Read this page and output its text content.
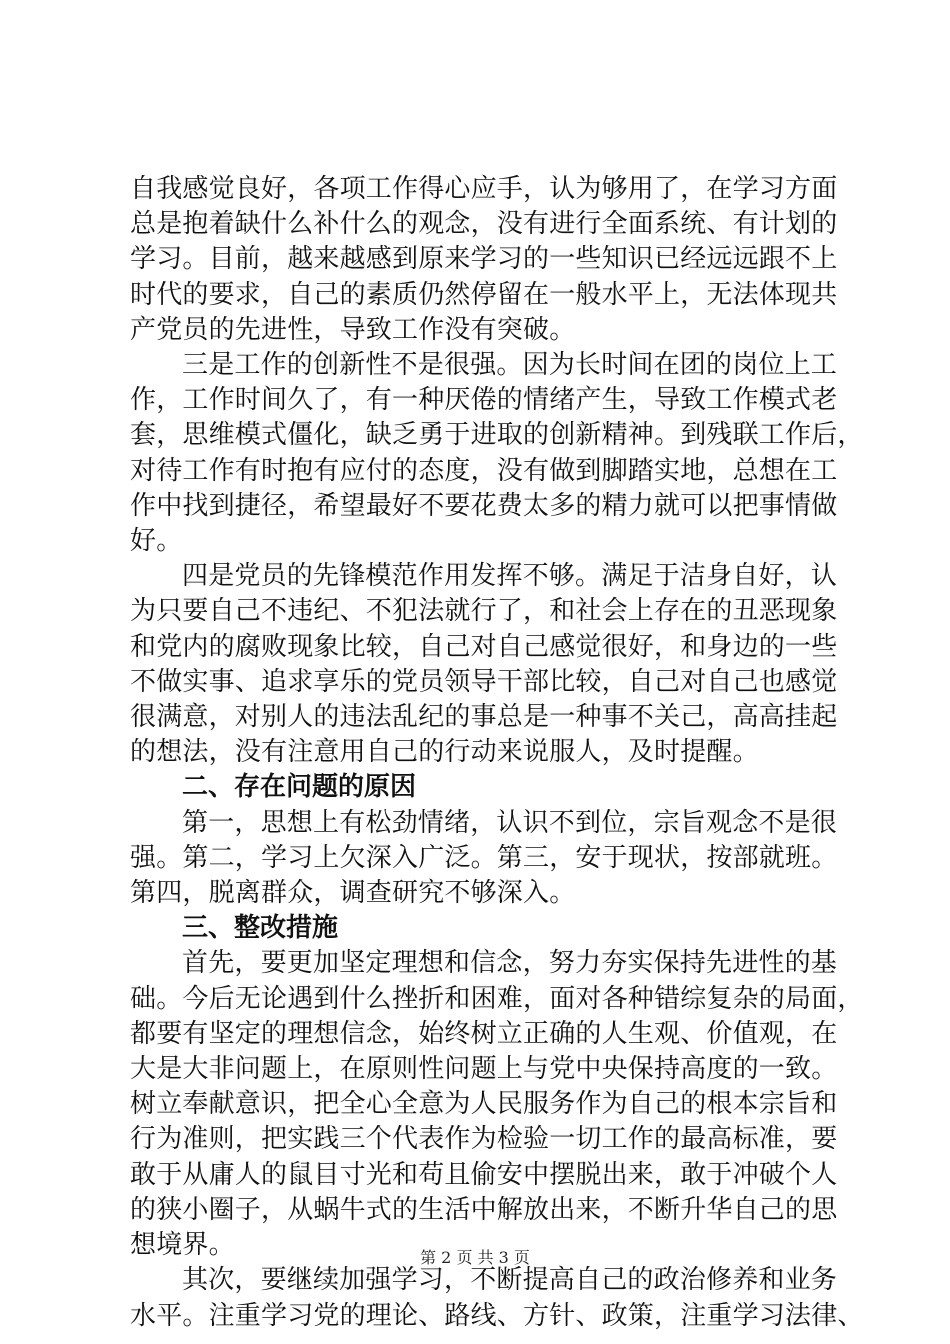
自我感觉良好，各项工作得心应手，认为够用了，在学习方面
总是抱着缺什么补什么的观念，没有进行全面系统、有计划的
学习。目前，越来越感到原来学习的一些知识已经远远跟不上
时代的要求，自己的素质仍然停留在一般水平上，无法体现共
产党员的先进性，导致工作没有突破。
三是工作的创新性不是很强。因为长时间在团的岗位上工
作，工作时间久了，有一种厌倦的情绪产生，导致工作模式老
套，思维模式僵化，缺乏勇于进取的创新精神。到残联工作后，
对待工作有时抱有应付的态度，没有做到脚踏实地，总想在工
作中找到捷径，希望最好不要花费太多的精力就可以把事情做
好。
四是党员的先锋模范作用发挥不够。满足于洁身自好，认
为只要自己不违纪、不犯法就行了，和社会上存在的丑恶现象
和党内的腐败现象比较，自己对自己感觉很好，和身边的一些
不做实事、追求享乐的党员领导干部比较，自己对自己也感觉
很满意，对别人的违法乱纪的事总是一种事不关己，高高挂起
的想法，没有注意用自己的行动来说服人，及时提醒。
二、存在问题的原因
第一，思想上有松劲情绪，认识不到位，宗旨观念不是很
强。第二，学习上欠深入广泛。第三，安于现状，按部就班。
第四，脱离群众，调查研究不够深入。
三、整改措施
首先，要更加坚定理想和信念，努力夯实保持先进性的基
础。今后无论遇到什么挫折和困难，面对各种错综复杂的局面，
都要有坚定的理想信念，始终树立正确的人生观、价值观，在
大是大非问题上，在原则性问题上与党中央保持高度的一致。
树立奉献意识，把全心全意为人民服务作为自己的根本宗旨和
行为准则，把实践三个代表作为检验一切工作的最高标准，要
敢于从庸人的鼠目寸光和苟且偷安中摆脱出来，敢于冲破个人
的狭小圈子，从蜗牛式的生活中解放出来，不断升华自己的思
想境界。
其次，要继续加强学习，不断提高自己的政治修养和业务
水平。注重学习党的理论、路线、方针、政策，注重学习法律、
第 2 页 共 3 页
